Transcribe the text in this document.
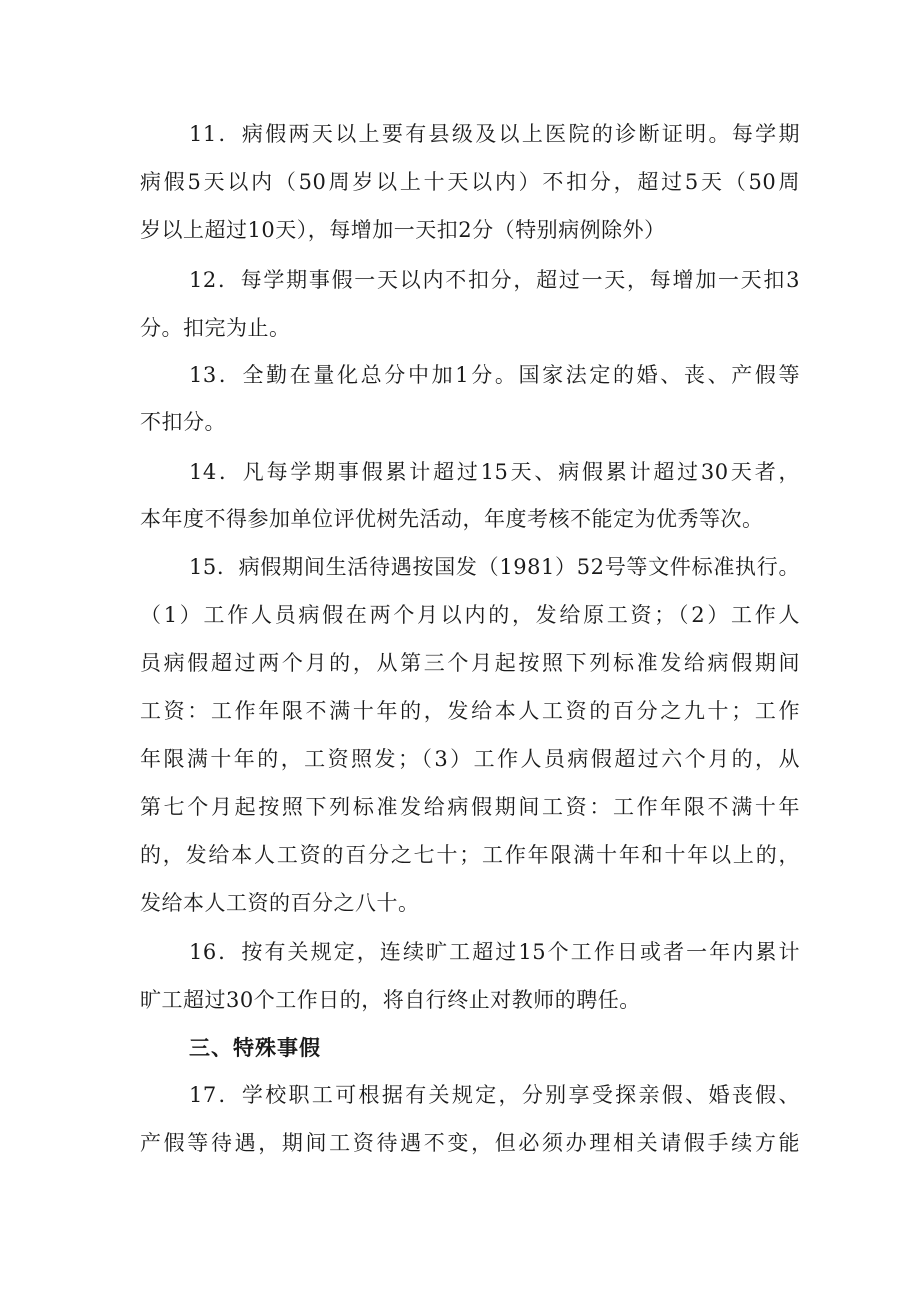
11．病假两天以上要有县级及以上医院的诊断证明。每学期
病假5天以内（50周岁以上十天以内）不扣分，超过5天（50周
岁以上超过10天），每增加一天扣2分（特别病例除外）
12．每学期事假一天以内不扣分，超过一天，每增加一天扣3
分。扣完为止。
13．全勤在量化总分中加1分。国家法定的婚、丧、产假等
不扣分。
14．凡每学期事假累计超过15天、病假累计超过30天者，
本年度不得参加单位评优树先活动，年度考核不能定为优秀等次。
15．病假期间生活待遇按国发（1981）52号等文件标准执行。
（1）工作人员病假在两个月以内的，发给原工资；（2）工作人
员病假超过两个月的，从第三个月起按照下列标准发给病假期间
工资：工作年限不满十年的，发给本人工资的百分之九十；工作
年限满十年的，工资照发；（3）工作人员病假超过六个月的，从
第七个月起按照下列标准发给病假期间工资：工作年限不满十年
的，发给本人工资的百分之七十；工作年限满十年和十年以上的，
发给本人工资的百分之八十。
16．按有关规定，连续旷工超过15个工作日或者一年内累计
旷工超过30个工作日的，将自行终止对教师的聘任。
三、特殊事假
17．学校职工可根据有关规定，分别享受探亲假、婚丧假、
产假等待遇，期间工资待遇不变，但必须办理相关请假手续方能
